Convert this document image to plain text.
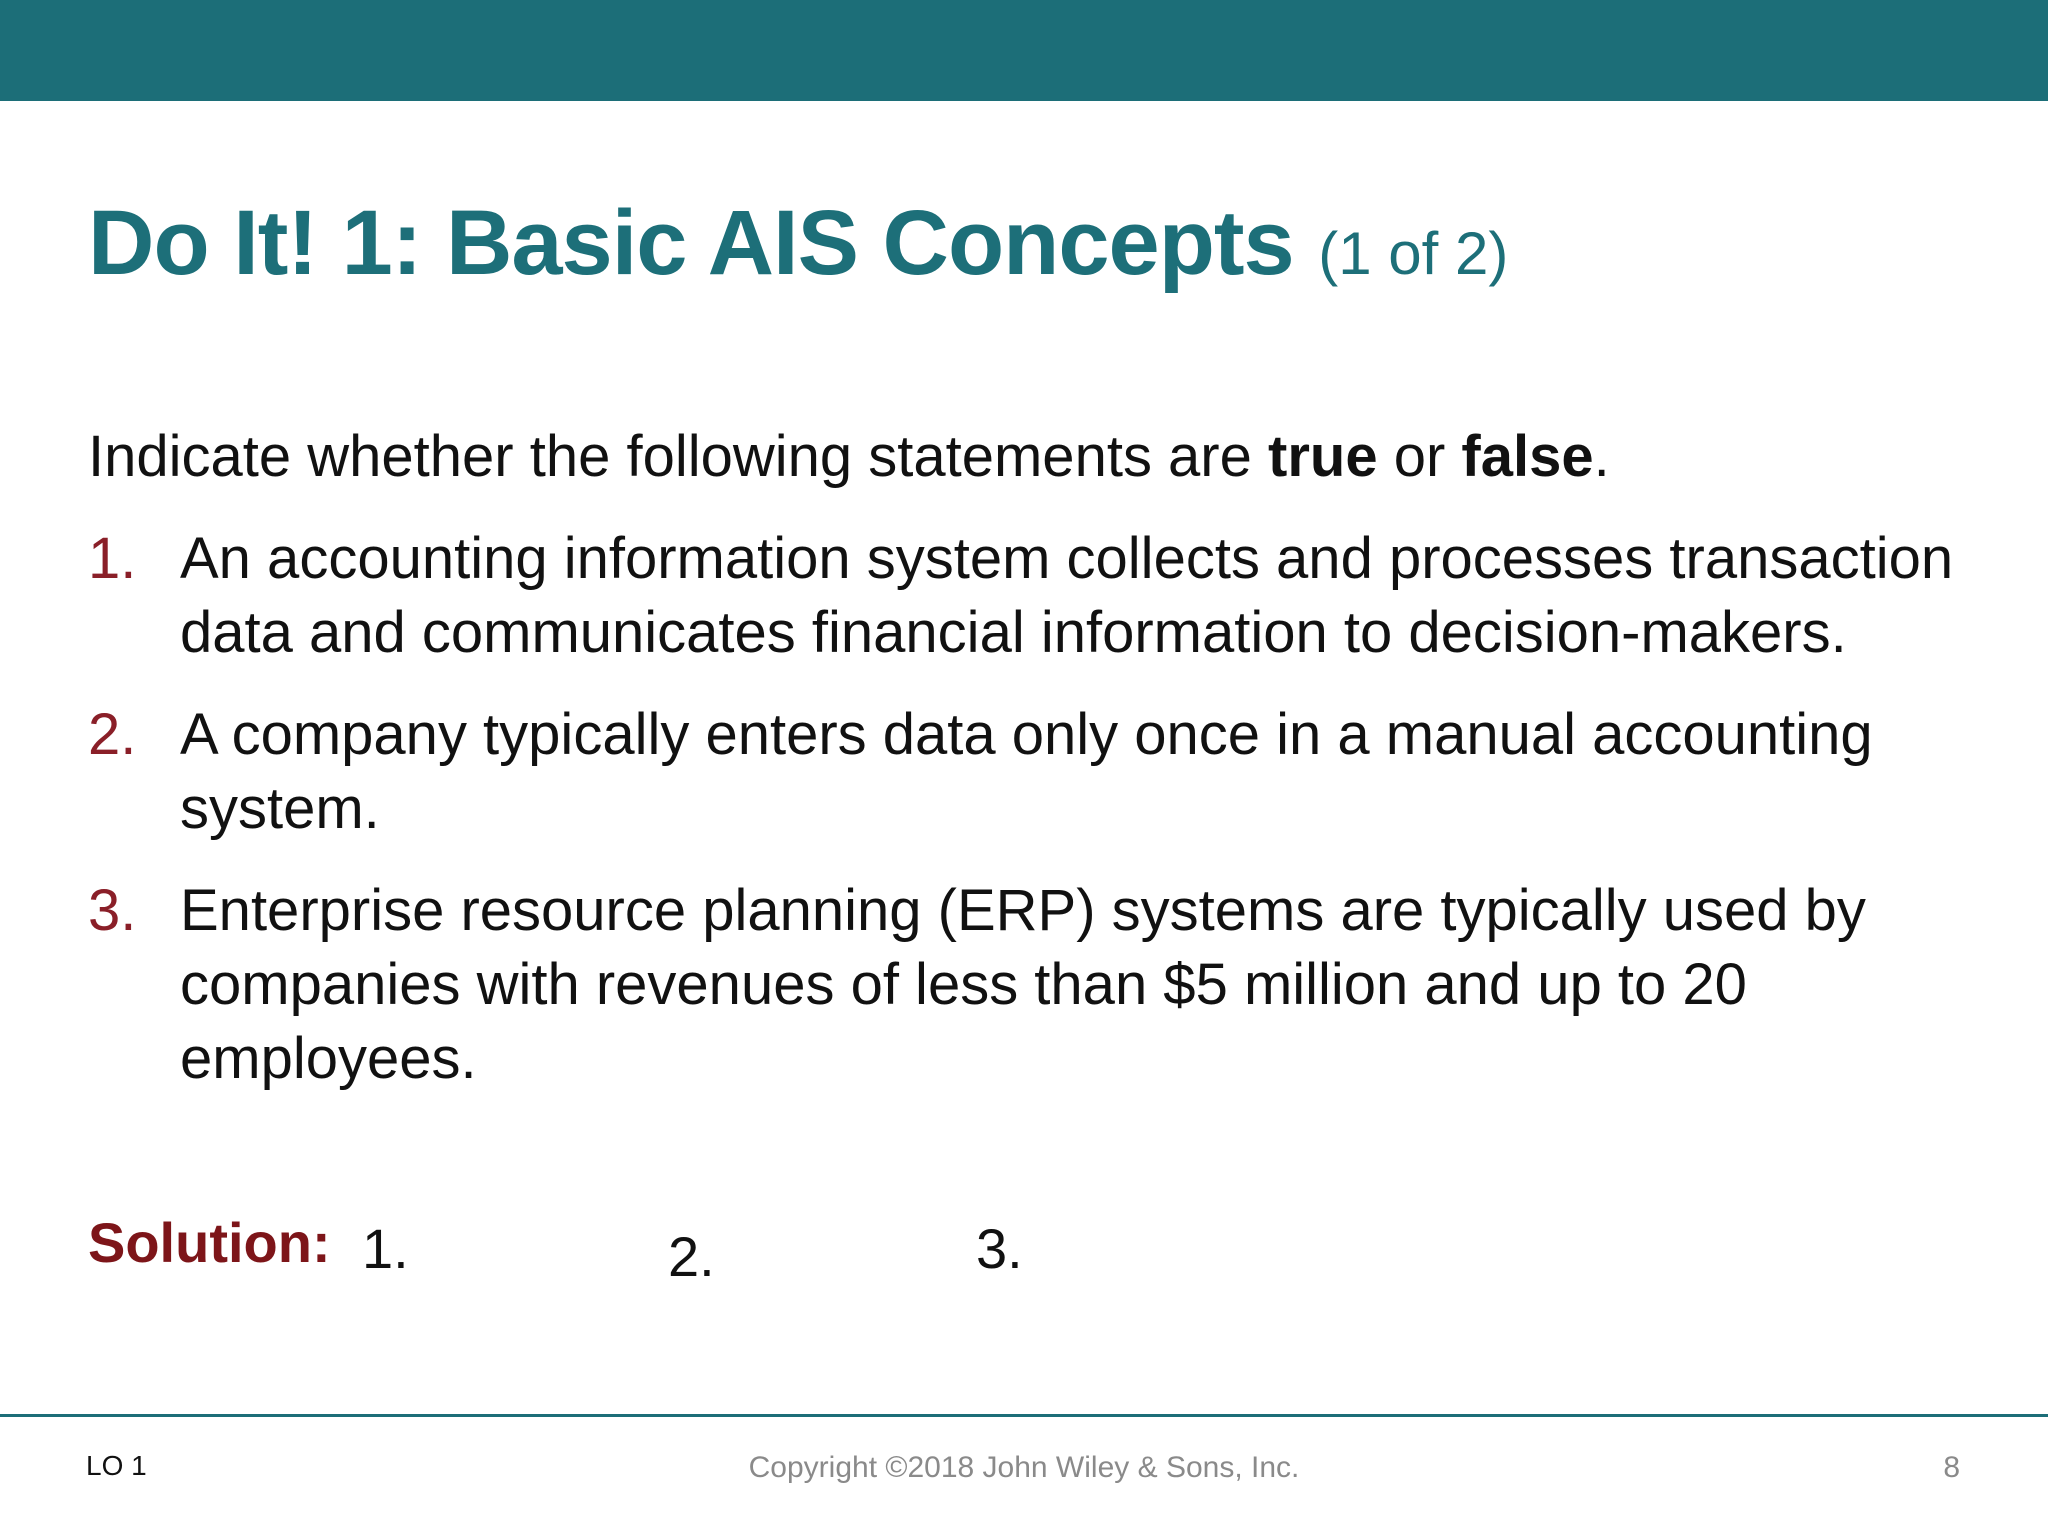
Do It! 1: Basic AIS Concepts (1 of 2)

Indicate whether the following statements are true or false.

1. An accounting information system collects and processes transaction data and communicates financial information to decision-makers.
2. A company typically enters data only once in a manual accounting system.
3. Enterprise resource planning (ERP) systems are typically used by companies with revenues of less than $5 million and up to 20 employees.
Solution: 1.	2.	3.
LO 1	Copyright ©2018 John Wiley & Sons, Inc.	8
